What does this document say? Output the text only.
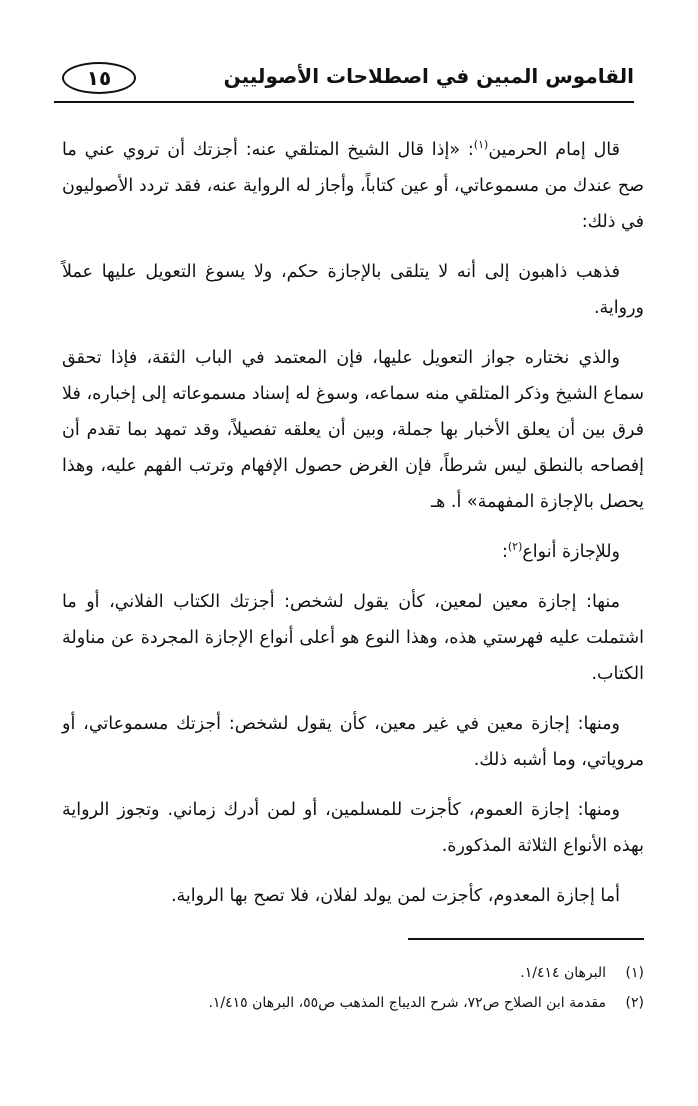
القاموس المبين في اصطلاحات الأصوليين
١٥

قال إمام الحرمين$^{(١)}$: «إذا قال الشيخ المتلقي عنه: أجزتك أن تروي عني ما صح عندك من مسموعاتي، أو عين كتاباً، وأجاز له الرواية عنه، فقد تردد الأصوليون في ذلك:

فذهب ذاهبون إلى أنه لا يتلقى بالإجازة حكم، ولا يسوغ التعويل عليها عملاً ورواية.

والذي نختاره جواز التعويل عليها، فإن المعتمد في الباب الثقة، فإذا تحقق سماع الشيخ وذكر المتلقي منه سماعه، وسوغ له إسناد مسموعاته إلى إخباره، فلا فرق بين أن يعلق الأخبار بها جملة، وبين أن يعلقه تفصيلاً، وقد تمهد بما تقدم أن إفصاحه بالنطق ليس شرطاً، فإن الغرض حصول الإفهام وترتب الفهم عليه، وهذا يحصل بالإجازة المفهمة» أ. هـ

وللإجازة أنواع$^{(٢)}$:

منها: إجازة معين لمعين، كأن يقول لشخص: أجزتك الكتاب الفلاني، أو ما اشتملت عليه فهرستي هذه، وهذا النوع هو أعلى أنواع الإجازة المجردة عن مناولة الكتاب.

ومنها: إجازة معين في غير معين، كأن يقول لشخص: أجزتك مسموعاتي، أو مروياتي، وما أشبه ذلك.

ومنها: إجازة العموم، كأجزت للمسلمين، أو لمن أدرك زماني. وتجوز الرواية بهذه الأنواع الثلاثة المذكورة.

أما إجازة المعدوم، كأجزت لمن يولد لفلان، فلا تصح بها الرواية.

(١)
البرهان ١/٤١٤.
(٢)
مقدمة ابن الصلاح ص٧٢، شرح الديباج المذهب ص٥٥، البرهان ١/٤١٥.
